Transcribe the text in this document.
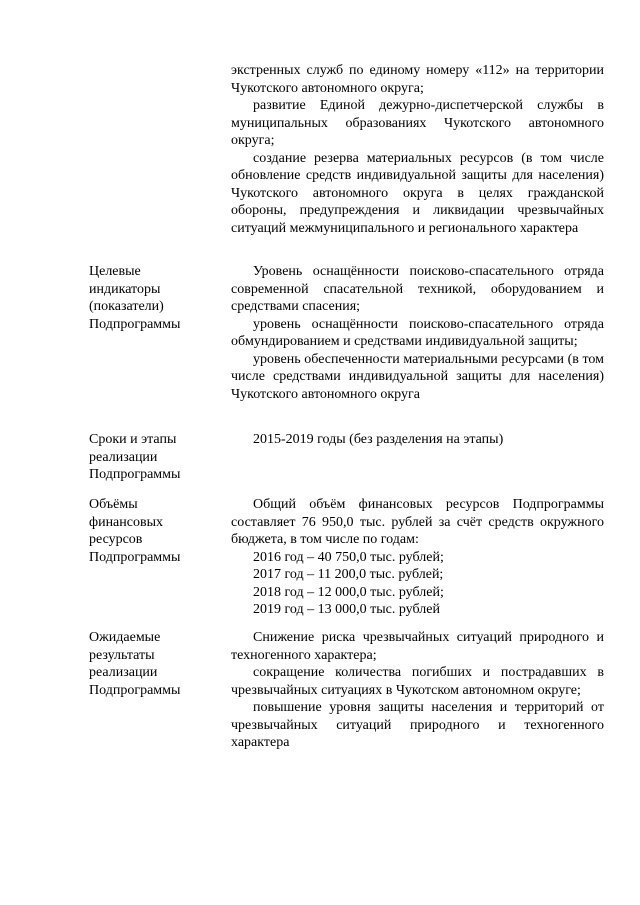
экстренных служб по единому номеру «112» на территории Чукотского автономного округа;

развитие Единой дежурно-диспетчерской службы в муниципальных образованиях Чукотского автономного округа;

создание резерва материальных ресурсов (в том числе обновление средств индивидуальной защиты для населения) Чукотского автономного округа в целях гражданской обороны, предупреждения и ликвидации чрезвычайных ситуаций межмуниципального и регионального характера

Целевые
индикаторы
(показатели)
Подпрограммы

Уровень оснащённости поисково-спасательного отряда современной спасательной техникой, оборудованием и средствами спасения;

уровень оснащённости поисково-спасательного отряда обмундированием и средствами индивидуальной защиты;

уровень обеспеченности материальными ресурсами (в том числе средствами индивидуальной защиты для населения) Чукотского автономного округа

Сроки и этапы
реализации
Подпрограммы

2015-2019 годы (без разделения на этапы)

Объёмы
финансовых
ресурсов
Подпрограммы

Общий объём финансовых ресурсов Подпрограммы составляет 76 950,0 тыс. рублей за счёт средств окружного бюджета, в том числе по годам:

2016 год – 40 750,0 тыс. рублей;

2017 год – 11 200,0 тыс. рублей;

2018 год – 12 000,0 тыс. рублей;

2019 год – 13 000,0 тыс. рублей

Ожидаемые
результаты
реализации
Подпрограммы

Снижение риска чрезвычайных ситуаций природного и техногенного характера;

сокращение количества погибших и пострадавших в чрезвычайных ситуациях в Чукотском автономном округе;

повышение уровня защиты населения и территорий от чрезвычайных ситуаций природного и техногенного характера
